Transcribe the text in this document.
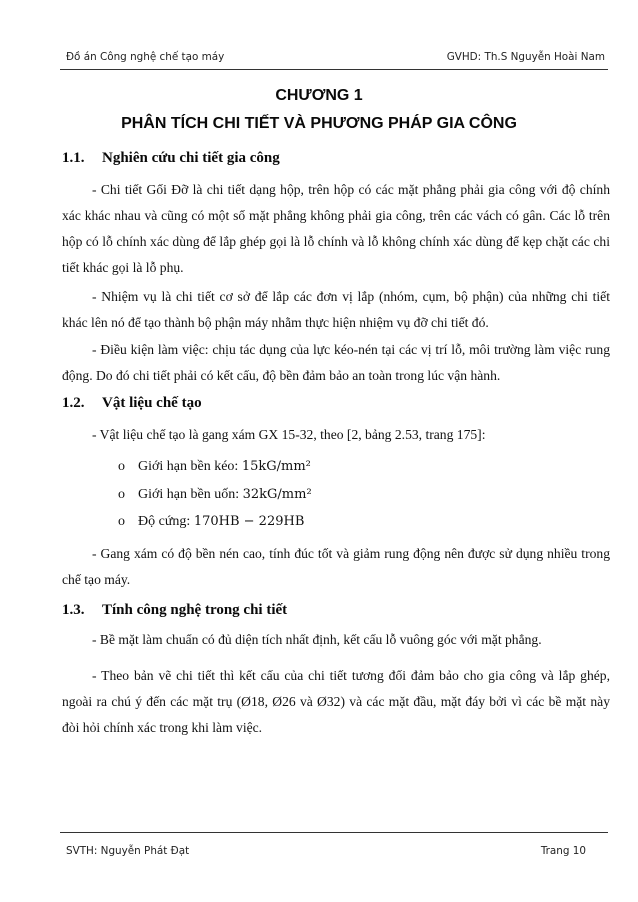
Đồ án Công nghệ chế tạo máy	GVHD: Th.S Nguyễn Hoài Nam
CHƯƠNG 1
PHÂN TÍCH CHI TIẾT VÀ PHƯƠNG PHÁP GIA CÔNG
1.1. Nghiên cứu chi tiết gia công
- Chi tiết Gối Đỡ là chi tiết dạng hộp, trên hộp có các mặt phẳng phải gia công với độ chính xác khác nhau và cũng có một số mặt phẳng không phải gia công, trên các vách có gân. Các lỗ trên hộp có lỗ chính xác dùng để lắp ghép gọi là lỗ chính và lỗ không chính xác dùng để kẹp chặt các chi tiết khác gọi là lỗ phụ.
- Nhiệm vụ là chi tiết cơ sở để lắp các đơn vị lắp (nhóm, cụm, bộ phận) của những chi tiết khác lên nó để tạo thành bộ phận máy nhằm thực hiện nhiệm vụ đỡ chi tiết đó.
- Điều kiện làm việc: chịu tác dụng của lực kéo-nén tại các vị trí lỗ, môi trường làm việc rung động. Do đó chi tiết phải có kết cấu, độ bền đảm bảo an toàn trong lúc vận hành.
1.2. Vật liệu chế tạo
- Vật liệu chế tạo là gang xám GX 15-32, theo [2, bảng 2.53, trang 175]:
o Giới hạn bền kéo: 15kG/mm²
o Giới hạn bền uốn: 32kG/mm²
o Độ cứng: 170HB − 229HB
- Gang xám có độ bền nén cao, tính đúc tốt và giảm rung động nên được sử dụng nhiều trong chế tạo máy.
1.3. Tính công nghệ trong chi tiết
- Bề mặt làm chuẩn có đủ diện tích nhất định, kết cấu lỗ vuông góc với mặt phẳng.
- Theo bản vẽ chi tiết thì kết cấu của chi tiết tương đối đảm bảo cho gia công và lắp ghép, ngoài ra chú ý đến các mặt trụ (Ø18, Ø26 và Ø32) và các mặt đầu, mặt đáy bởi vì các bề mặt này đòi hỏi chính xác trong khi làm việc.
SVTH: Nguyễn Phát Đạt	Trang 10
